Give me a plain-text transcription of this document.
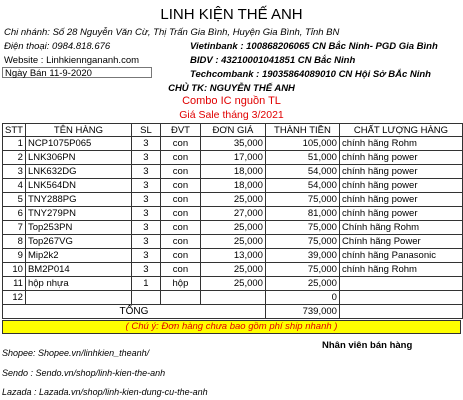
LINH KIỆN THẾ ANH
Chi nhánh: Số 28 Nguyễn Văn Cừ, Thị Trấn Gia Bình, Huyện Gia Bình, Tỉnh BN
Điện thoại: 0984.818.676
Website : Linhkienngananh.com
Ngày Bán 11-9-2020
Vietinbank : 100868206065 CN Bắc Ninh- PGD Gia Bình
BIDV : 43210001041851 CN Bắc Ninh
Techcombank : 19035864089010 CN Hội Sở BẮc Ninh
CHỦ TK: NGUYỄN THẾ ANH
Combo IC nguồn TL
Giá Sale tháng 3/2021
STT	TÊN HÀNG	SL	ĐVT	ĐƠN GIÁ	THÀNH TIỀN	CHẤT LƯỢNG HÀNG
1	NCP1075P065	3	con	35,000	105,000	chính hãng Rohm
2	LNK306PN	3	con	17,000	51,000	chính hãng power
3	LNK632DG	3	con	18,000	54,000	chính hãng power
4	LNK564DN	3	con	18,000	54,000	chính hãng power
5	TNY288PG	3	con	25,000	75,000	chính hãng power
6	TNY279PN	3	con	27,000	81,000	chính hãng power
7	Top253PN	3	con	25,000	75,000	Chính hãng Rohm
8	Top267VG	3	con	25,000	75,000	Chính hãng Power
9	Mip2k2	3	con	13,000	39,000	chính hãng Panasonic
10	BM2P014	3	con	25,000	75,000	chính hãng Rohm
11	hộp nhựa	1	hộp	25,000	25,000	
12					0	
TỔNG					739,000	
( Chú ý: Đơn hàng chưa bao gồm phí ship nhanh )
Nhân viên bán hàng
Shopee: Shopee.vn/linhkien_theanh/
Sendo : Sendo.vn/shop/linh-kien-the-anh
Lazada : Lazada.vn/shop/linh-kien-dung-cu-the-anh
